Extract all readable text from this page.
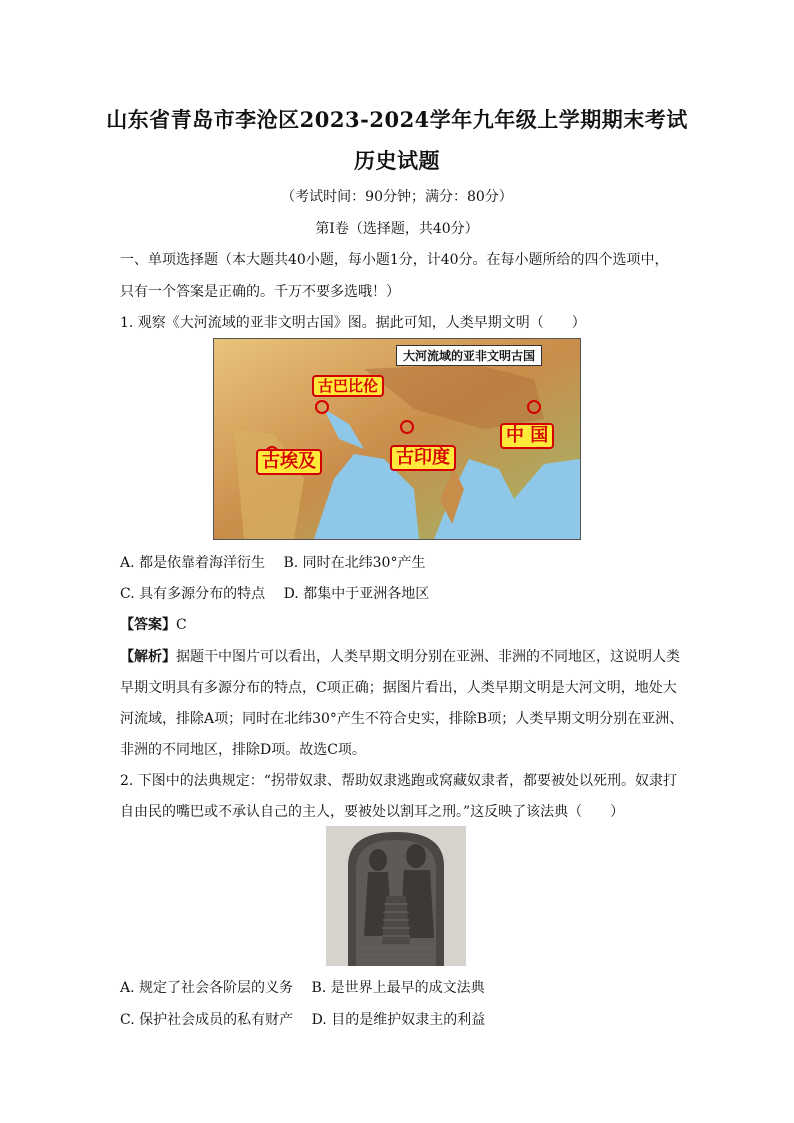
山东省青岛市李沧区2023-2024学年九年级上学期期末考试
历史试题
（考试时间：90分钟；满分：80分）
第Ⅰ卷（选择题，共40分）
一、单项选择题（本大题共40小题，每小题1分，计40分。在每小题所给的四个选项中，
只有一个答案是正确的。千万不要多选哦！）
1. 观察《大河流域的亚非文明古国》图。据此可知，人类早期文明（　　）
大河流域的亚非文明古国
古巴比伦
古埃及	古印度
中 国
A. 都是依靠着海洋衍生　 B. 同时在北纬30°产生
C. 具有多源分布的特点　 D. 都集中于亚洲各地区
【答案】C
【解析】据题干中图片可以看出，人类早期文明分别在亚洲、非洲的不同地区，这说明人类
早期文明具有多源分布的特点，C项正确；据图片看出，人类早期文明是大河文明，地处大
河流域，排除A项；同时在北纬30°产生不符合史实，排除B项；人类早期文明分别在亚洲、
非洲的不同地区，排除D项。故选C项。
2. 下图中的法典规定：“拐带奴隶、帮助奴隶逃跑或窝藏奴隶者，都要被处以死刑。奴隶打
自由民的嘴巴或不承认自己的主人，要被处以割耳之刑。”这反映了该法典（　　）
A. 规定了社会各阶层的义务　 B. 是世界上最早的成文法典
C. 保护社会成员的私有财产　 D. 目的是维护奴隶主的利益
